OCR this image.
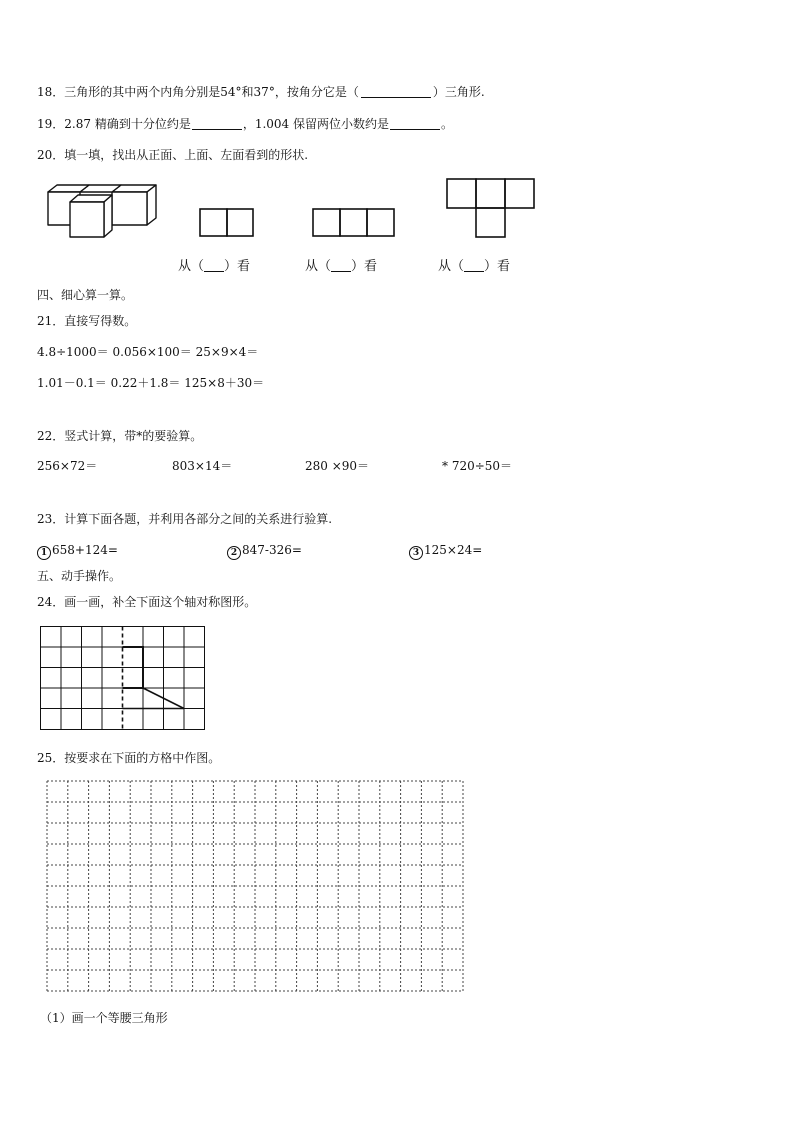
18．三角形的其中两个内角分别是54°和37°，按角分它是（	）三角形.
19．2.87 精确到十分位约是	，1.004 保留两位小数约是	。
20．填一填，找出从正面、上面、左面看到的形状.
从（ ）看	从（ ）看	从（ ）看
四、细心算一算。
21．直接写得数。
4.8÷1000＝ 0.056×100＝ 25×9×4＝
1.01－0.1＝ 0.22＋1.8＝ 125×8＋30＝
22．竖式计算，带*的要验算。
256×72＝	803×14＝	280 ×90＝	* 720÷50＝
23．计算下面各题，并利用各部分之间的关系进行验算.
1 658+124=	2 847-326=	3 125×24=
五、动手操作。
24．画一画，补全下面这个轴对称图形。
25．按要求在下面的方格中作图。
（1）画一个等腰三角形
